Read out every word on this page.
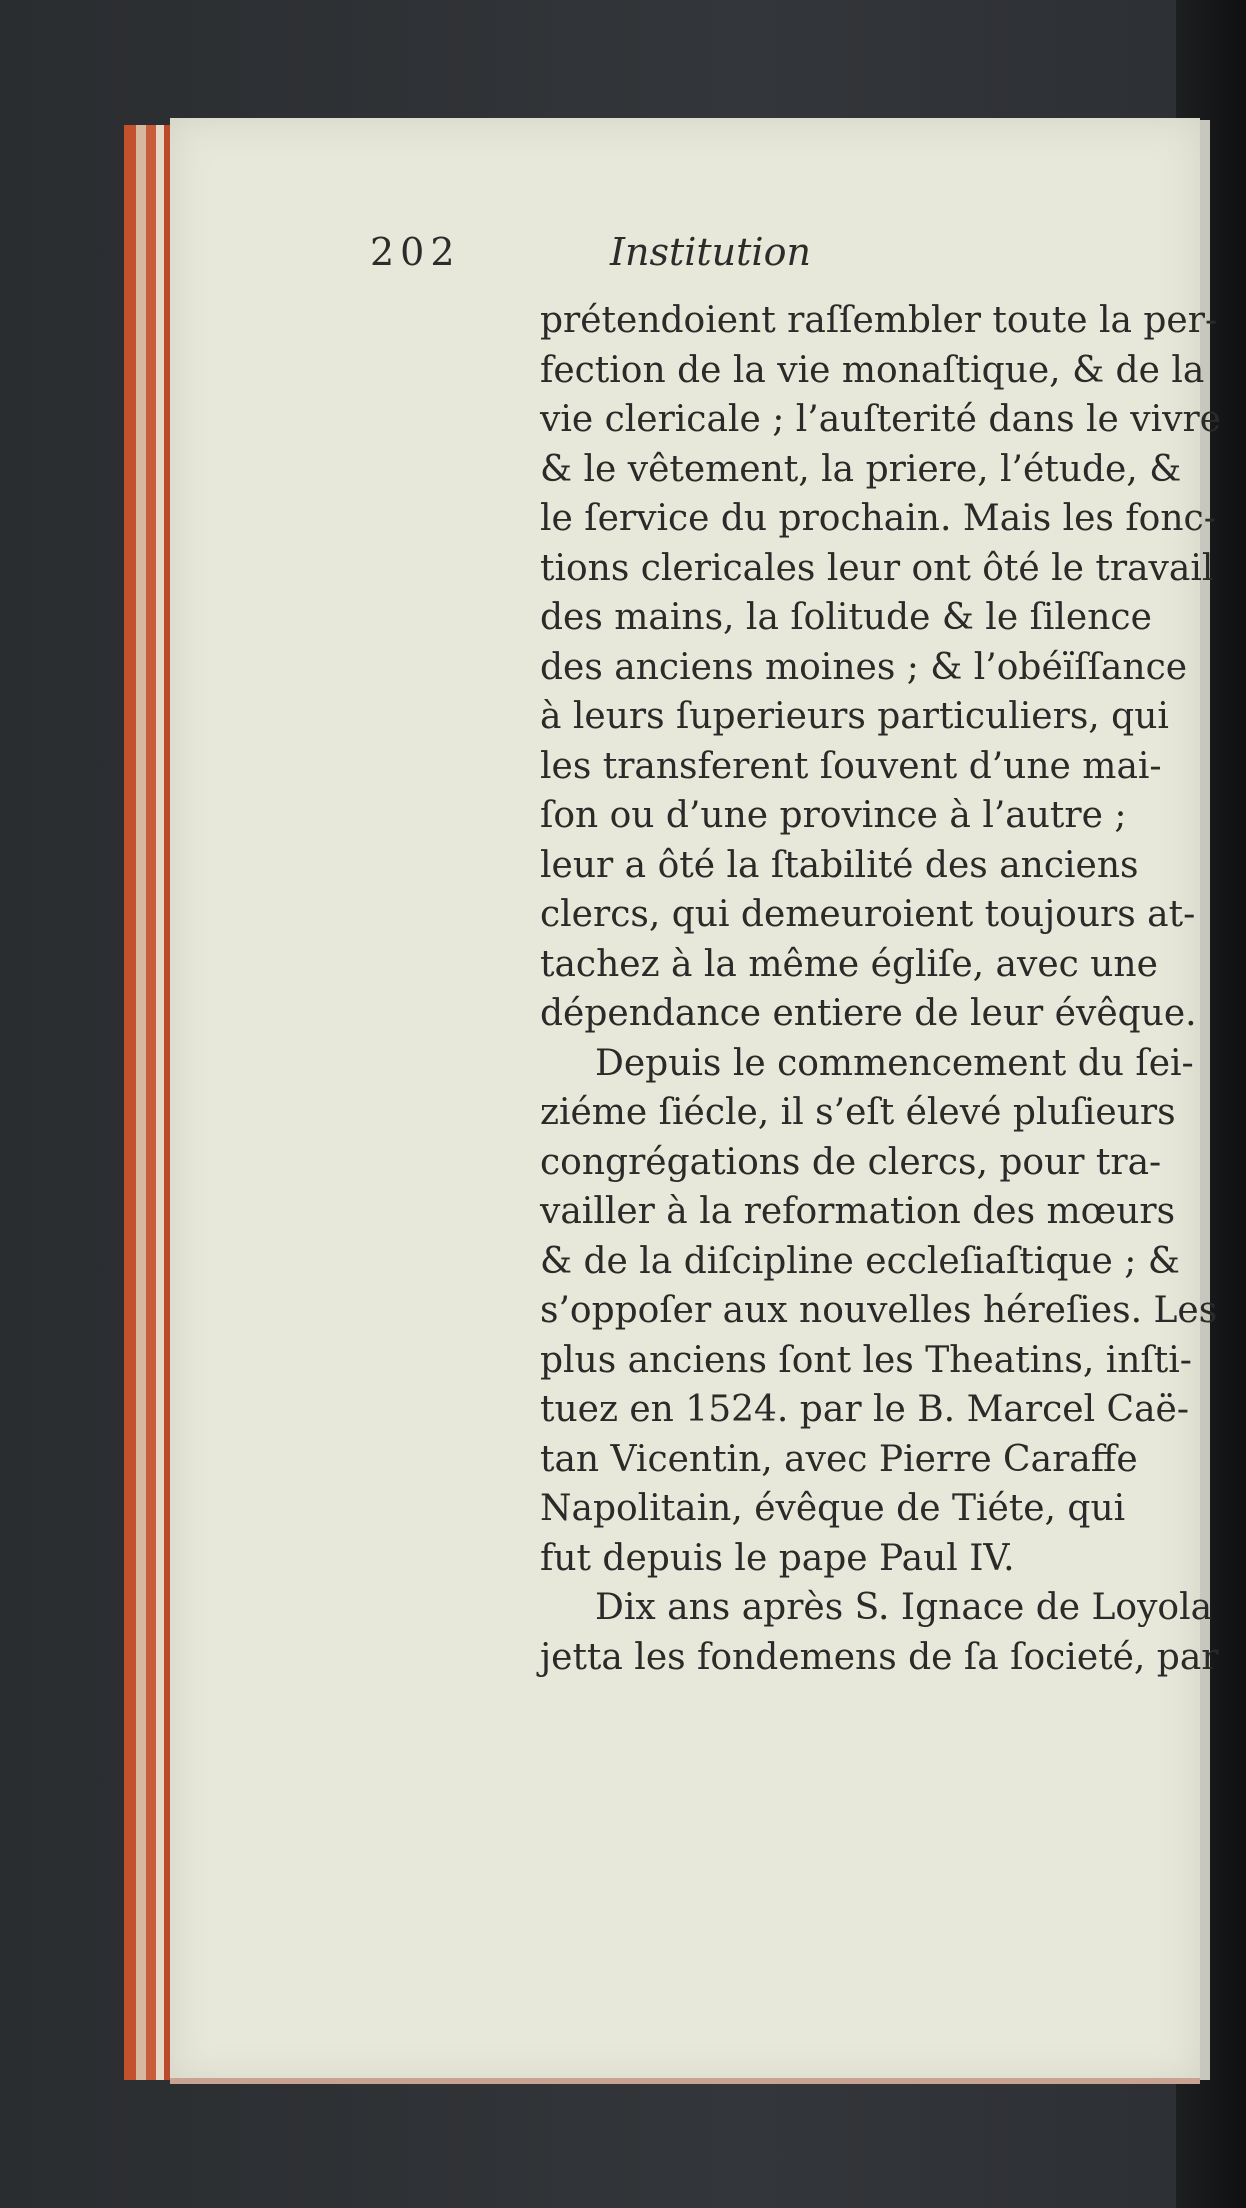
202	Institution
prétendoient raſſembler toute la per-
fection de la vie monaſtique, & de la
vie clericale ; l’auſterité dans le vivre
& le vêtement, la priere, l’étude, &
le ſervice du prochain. Mais les fonc-
tions clericales leur ont ôté le travail
des mains, la ſolitude & le ſilence
des anciens moines ; & l’obéïſſance
à leurs ſuperieurs particuliers, qui
les transferent ſouvent d’une mai-
ſon ou d’une province à l’autre ;
leur a ôté la ſtabilité des anciens
clercs, qui demeuroient toujours at-
tachez à la même égliſe, avec une
dépendance entiere de leur évêque.
Depuis le commencement du ſei-
ziéme ſiécle, il s’eſt élevé pluſieurs
congrégations de clercs, pour tra-
vailler à la reformation des mœurs
& de la diſcipline eccleſiaſtique ; &
s’oppoſer aux nouvelles héreſies. Les
plus anciens ſont les Theatins, inſti-
tuez en 1524. par le B. Marcel Caë-
tan Vicentin, avec Pierre Caraffe
Napolitain, évêque de Tiéte, qui
fut depuis le pape Paul IV.
Dix ans après S. Ignace de Loyola
jetta les fondemens de ſa ſocieté, par
